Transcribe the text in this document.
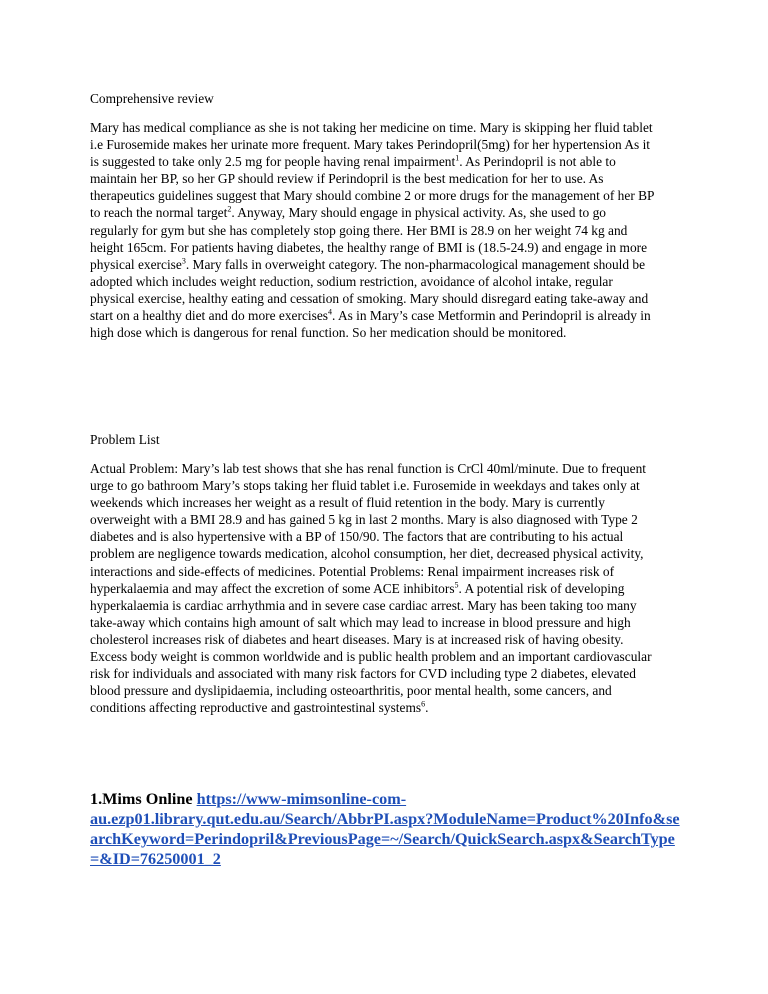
Comprehensive review
Mary has medical compliance as she is not taking her medicine on time. Mary is skipping her fluid tablet
i.e Furosemide makes her urinate more frequent. Mary takes Perindopril(5mg) for her hypertension As it
is suggested to take only 2.5 mg for people having renal impairment$^1$. As Perindopril is not able to
maintain her BP, so her GP should review if Perindopril is the best medication for her to use. As
therapeutics guidelines suggest that Mary should combine 2 or more drugs for the management of her BP
to reach the normal target$^2$. Anyway, Mary should engage in physical activity. As, she used to go
regularly for gym but she has completely stop going there. Her BMI is 28.9 on her weight 74 kg and
height 165cm. For patients having diabetes, the healthy range of BMI is (18.5-24.9) and engage in more
physical exercise$^3$. Mary falls in overweight category. The non-pharmacological management should be
adopted which includes weight reduction, sodium restriction, avoidance of alcohol intake, regular
physical exercise, healthy eating and cessation of smoking. Mary should disregard eating take-away and
start on a healthy diet and do more exercises$^4$. As in Mary’s case Metformin and Perindopril is already in
high dose which is dangerous for renal function. So her medication should be monitored.
Problem List
Actual Problem: Mary’s lab test shows that she has renal function is CrCl 40ml/minute. Due to frequent
urge to go bathroom Mary’s stops taking her fluid tablet i.e. Furosemide in weekdays and takes only at
weekends which increases her weight as a result of fluid retention in the body. Mary is currently
overweight with a BMI 28.9 and has gained 5 kg in last 2 months. Mary is also diagnosed with Type 2
diabetes and is also hypertensive with a BP of 150/90. The factors that are contributing to his actual
problem are negligence towards medication, alcohol consumption, her diet, decreased physical activity,
interactions and side-effects of medicines. Potential Problems: Renal impairment increases risk of
hyperkalaemia and may affect the excretion of some ACE inhibitors$^5$. A potential risk of developing
hyperkalaemia is cardiac arrhythmia and in severe case cardiac arrest. Mary has been taking too many
take-away which contains high amount of salt which may lead to increase in blood pressure and high
cholesterol increases risk of diabetes and heart diseases. Mary is at increased risk of having obesity.
Excess body weight is common worldwide and is public health problem and an important cardiovascular
risk for individuals and associated with many risk factors for CVD including type 2 diabetes, elevated
blood pressure and dyslipidaemia, including osteoarthritis, poor mental health, some cancers, and
conditions affecting reproductive and gastrointestinal systems$^6$.
1.Mims Online https://www-mimsonline-com-
au.ezp01.library.qut.edu.au/Search/AbbrPI.aspx?ModuleName=Product%20Info&se
archKeyword=Perindopril&PreviousPage=~/Search/QuickSearch.aspx&SearchType
=&ID=76250001_2
